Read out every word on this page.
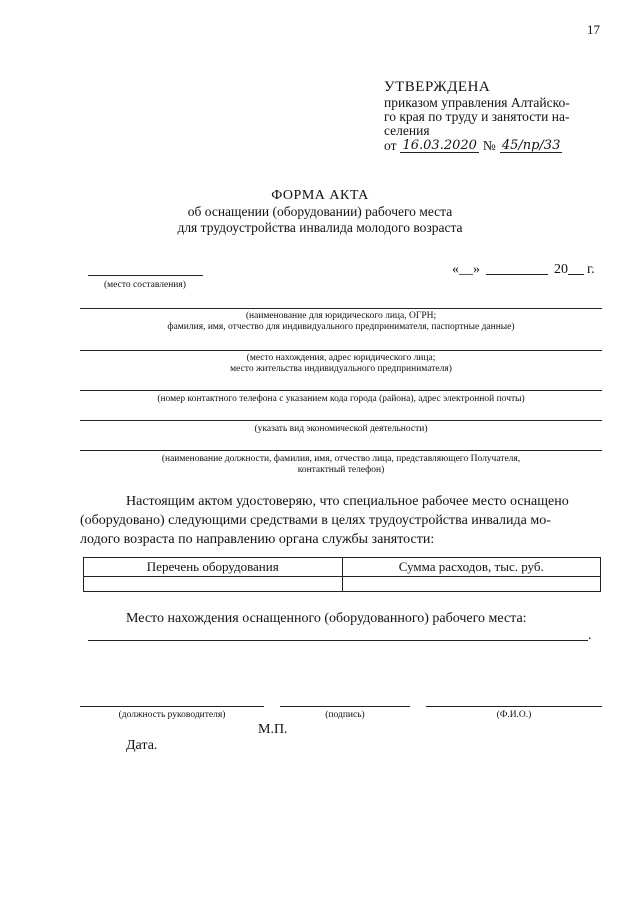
17
УТВЕРЖДЕНА
приказом управления Алтайско-
го края по труду и занятости на-
селения
от 16.03.2020 № 45/пр/33
ФОРМА АКТА
об оснащении (оборудовании) рабочего места
для трудоустройства инвалида молодого возраста
(место составления)
«__»	20 г.
(наименование для юридического лица, ОГРН;
фамилия, имя, отчество для индивидуального предпринимателя, паспортные данные)
(место нахождения, адрес юридического лица;
место жительства индивидуального предпринимателя)
(номер контактного телефона с указанием кода города (района), адрес электронной почты)
(указать вид экономической деятельности)
(наименование должности, фамилия, имя, отчество лица, представляющего Получателя,
контактный телефон)
Настоящим актом удостоверяю, что специальное рабочее место оснащено
(оборудовано) следующими средствами в целях трудоустройства инвалида мо-
лодого возраста по направлению органа службы занятости:
Перечень оборудования	Сумма расходов, тыс. руб.

Место нахождения оснащенного (оборудованного) рабочего места:
.
(должность руководителя)	(подпись)	(Ф.И.О.)
М.П.
Дата.
